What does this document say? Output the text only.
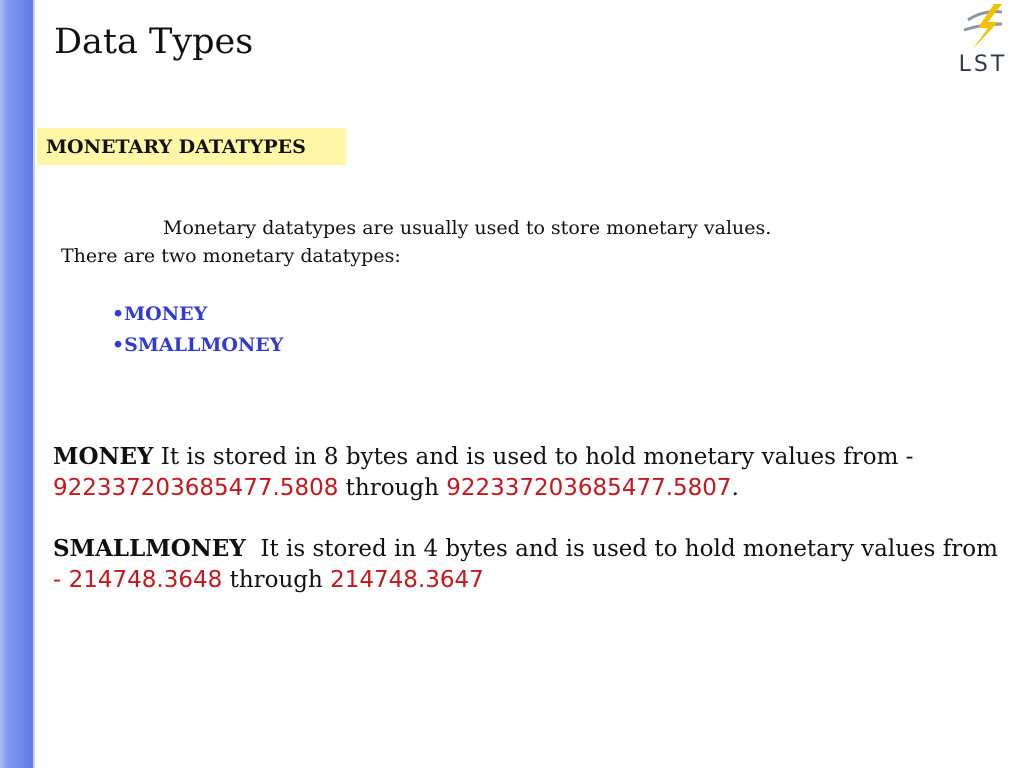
Data Types
LST
MONETARY DATATYPES
Monetary datatypes are usually used to store monetary values.
There are two monetary datatypes:
•MONEY
•SMALLMONEY
MONEY It is stored in 8 bytes and is used to hold monetary values from -
922337203685477.5808 through 922337203685477.5807.
SMALLMONEY  It is stored in 4 bytes and is used to hold monetary values from - 214748.3648 through 214748.3647
